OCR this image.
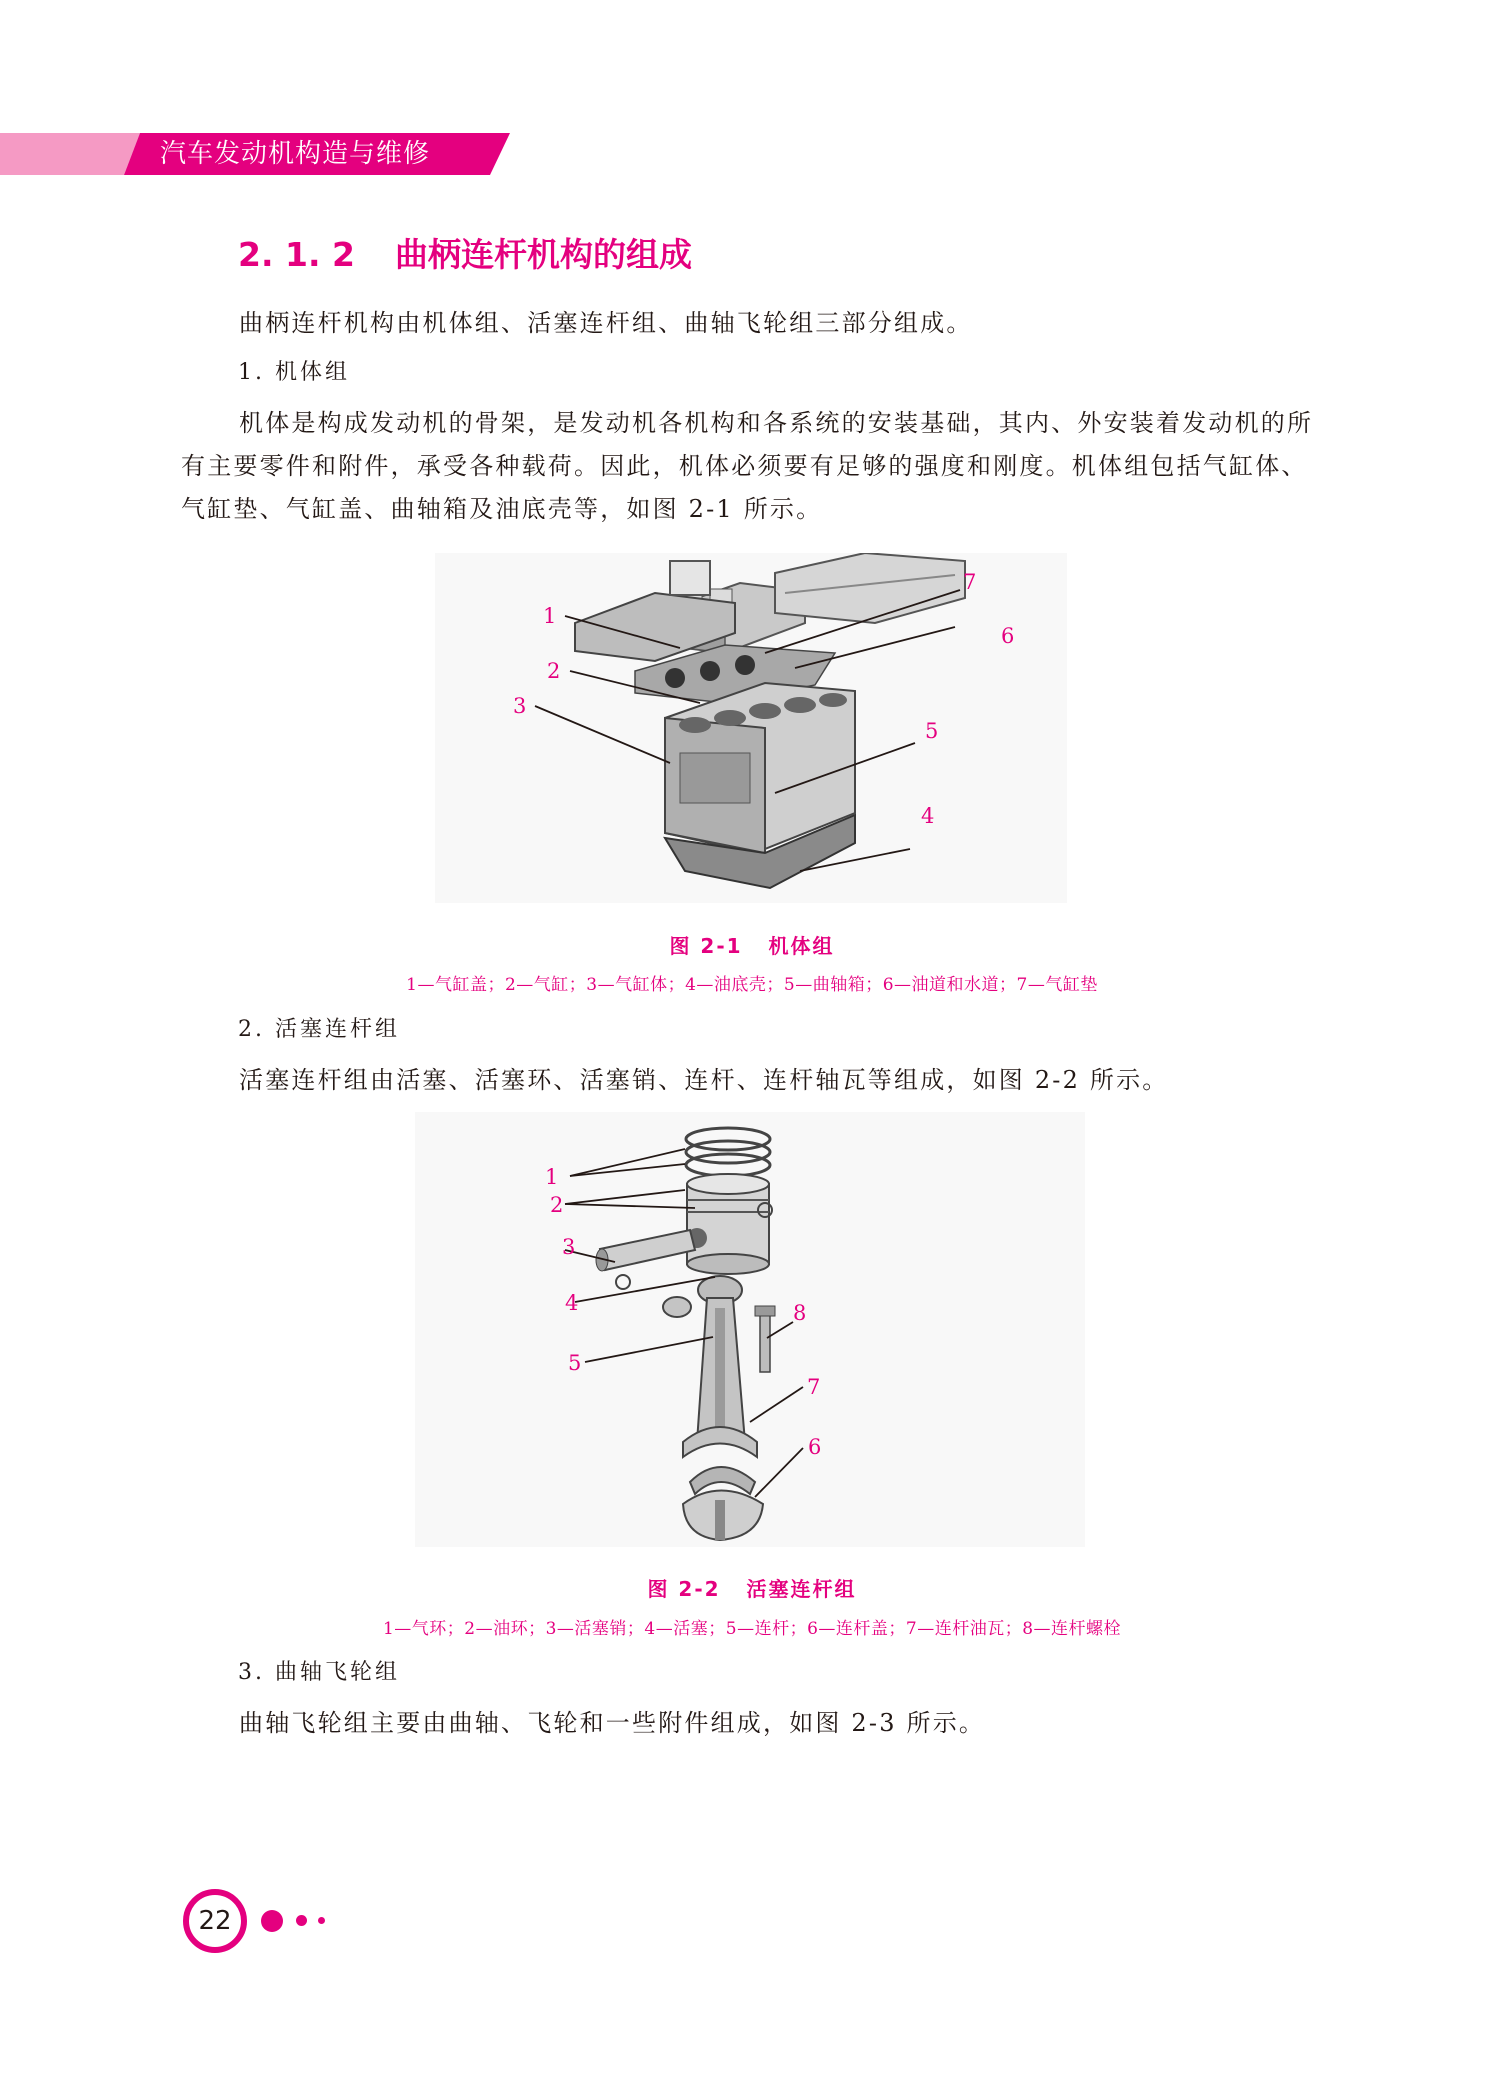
汽车发动机构造与维修
2. 1. 2 曲柄连杆机构的组成

曲柄连杆机构由机体组、活塞连杆组、曲轴飞轮组三部分组成。

1. 机体组

机体是构成发动机的骨架，是发动机各机构和各系统的安装基础，其内、外安装着发动机的所有主要零件和附件，承受各种载荷。因此，机体必须要有足够的强度和刚度。机体组包括气缸体、气缸垫、气缸盖、曲轴箱及油底壳等，如图 2-1 所示。

1
2
3
4
5
6
7
图 2-1 机体组
1—气缸盖；2—气缸；3—气缸体；4—油底壳；5—曲轴箱；6—油道和水道；7—气缸垫
2. 活塞连杆组

活塞连杆组由活塞、活塞环、活塞销、连杆、连杆轴瓦等组成，如图 2-2 所示。

1
2
3
4
5
6
7
8
图 2-2 活塞连杆组
1—气环；2—油环；3—活塞销；4—活塞；5—连杆；6—连杆盖；7—连杆油瓦；8—连杆螺栓
3. 曲轴飞轮组

曲轴飞轮组主要由曲轴、飞轮和一些附件组成，如图 2-3 所示。

22
